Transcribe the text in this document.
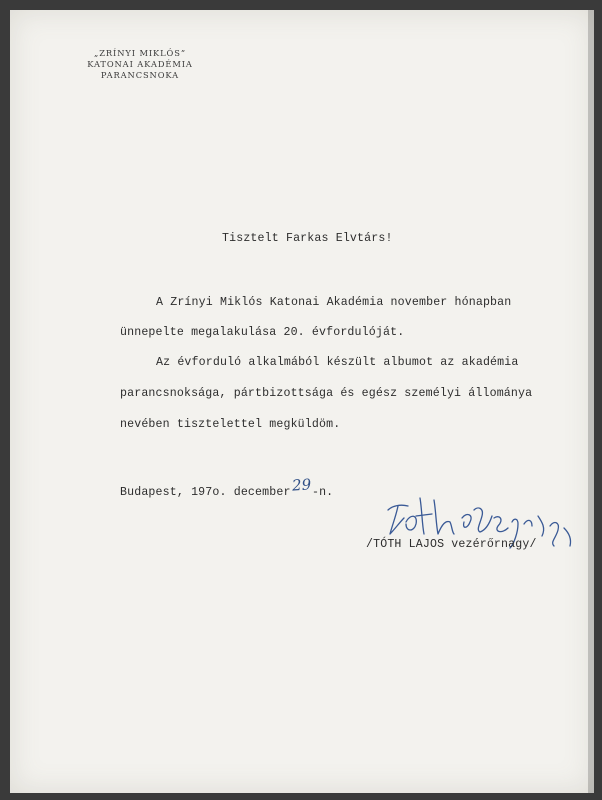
„ZRÍNYI MIKLÓS”
KATONAI AKADÉMIA
PARANCSNOKA
Tisztelt Farkas Elvtárs!
A Zrínyi Miklós Katonai Akadémia november hónapban
ünnepelte megalakulása 20. évfordulóját.
Az évforduló alkalmából készült albumot az akadémia
parancsnoksága, pártbizottsága és egész személyi állománya
nevében tisztelettel megküldöm.
Budapest, 197o. december29-n.
Tóth Lajos
/TÓTH LAJOS vezérőrnagy/
